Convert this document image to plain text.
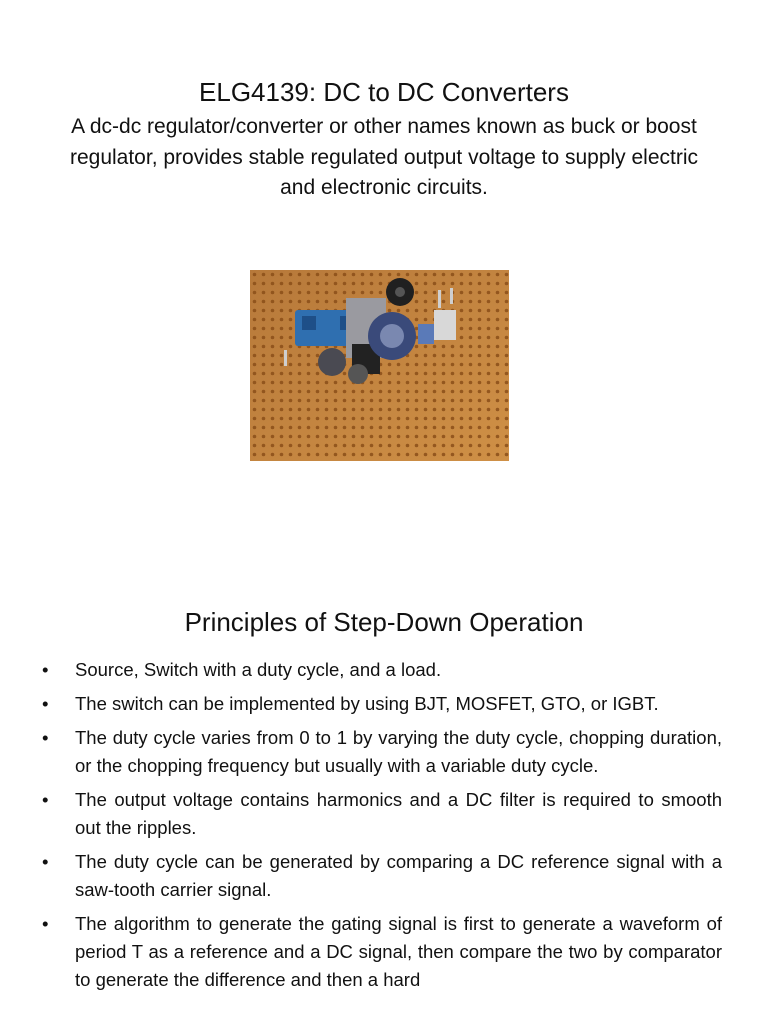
ELG4139: DC to DC Converters
A dc-dc regulator/converter or other names known as buck or boost regulator, provides stable regulated output voltage to supply electric and electronic circuits.
Principles of Step-Down Operation
• Source, Switch with a duty cycle, and a load.
• The switch can be implemented by using BJT, MOSFET, GTO, or IGBT.
• The duty cycle varies from 0 to 1 by varying the duty cycle, chopping duration, or the chopping frequency but usually with a variable duty cycle.
• The output voltage contains harmonics and a DC filter is required to smooth out the ripples.
• The duty cycle can be generated by comparing a DC reference signal with a saw-tooth carrier signal.
• The algorithm to generate the gating signal is first to generate a waveform of period T as a reference and a DC signal, then compare the two by comparator to generate the difference and then a hard
